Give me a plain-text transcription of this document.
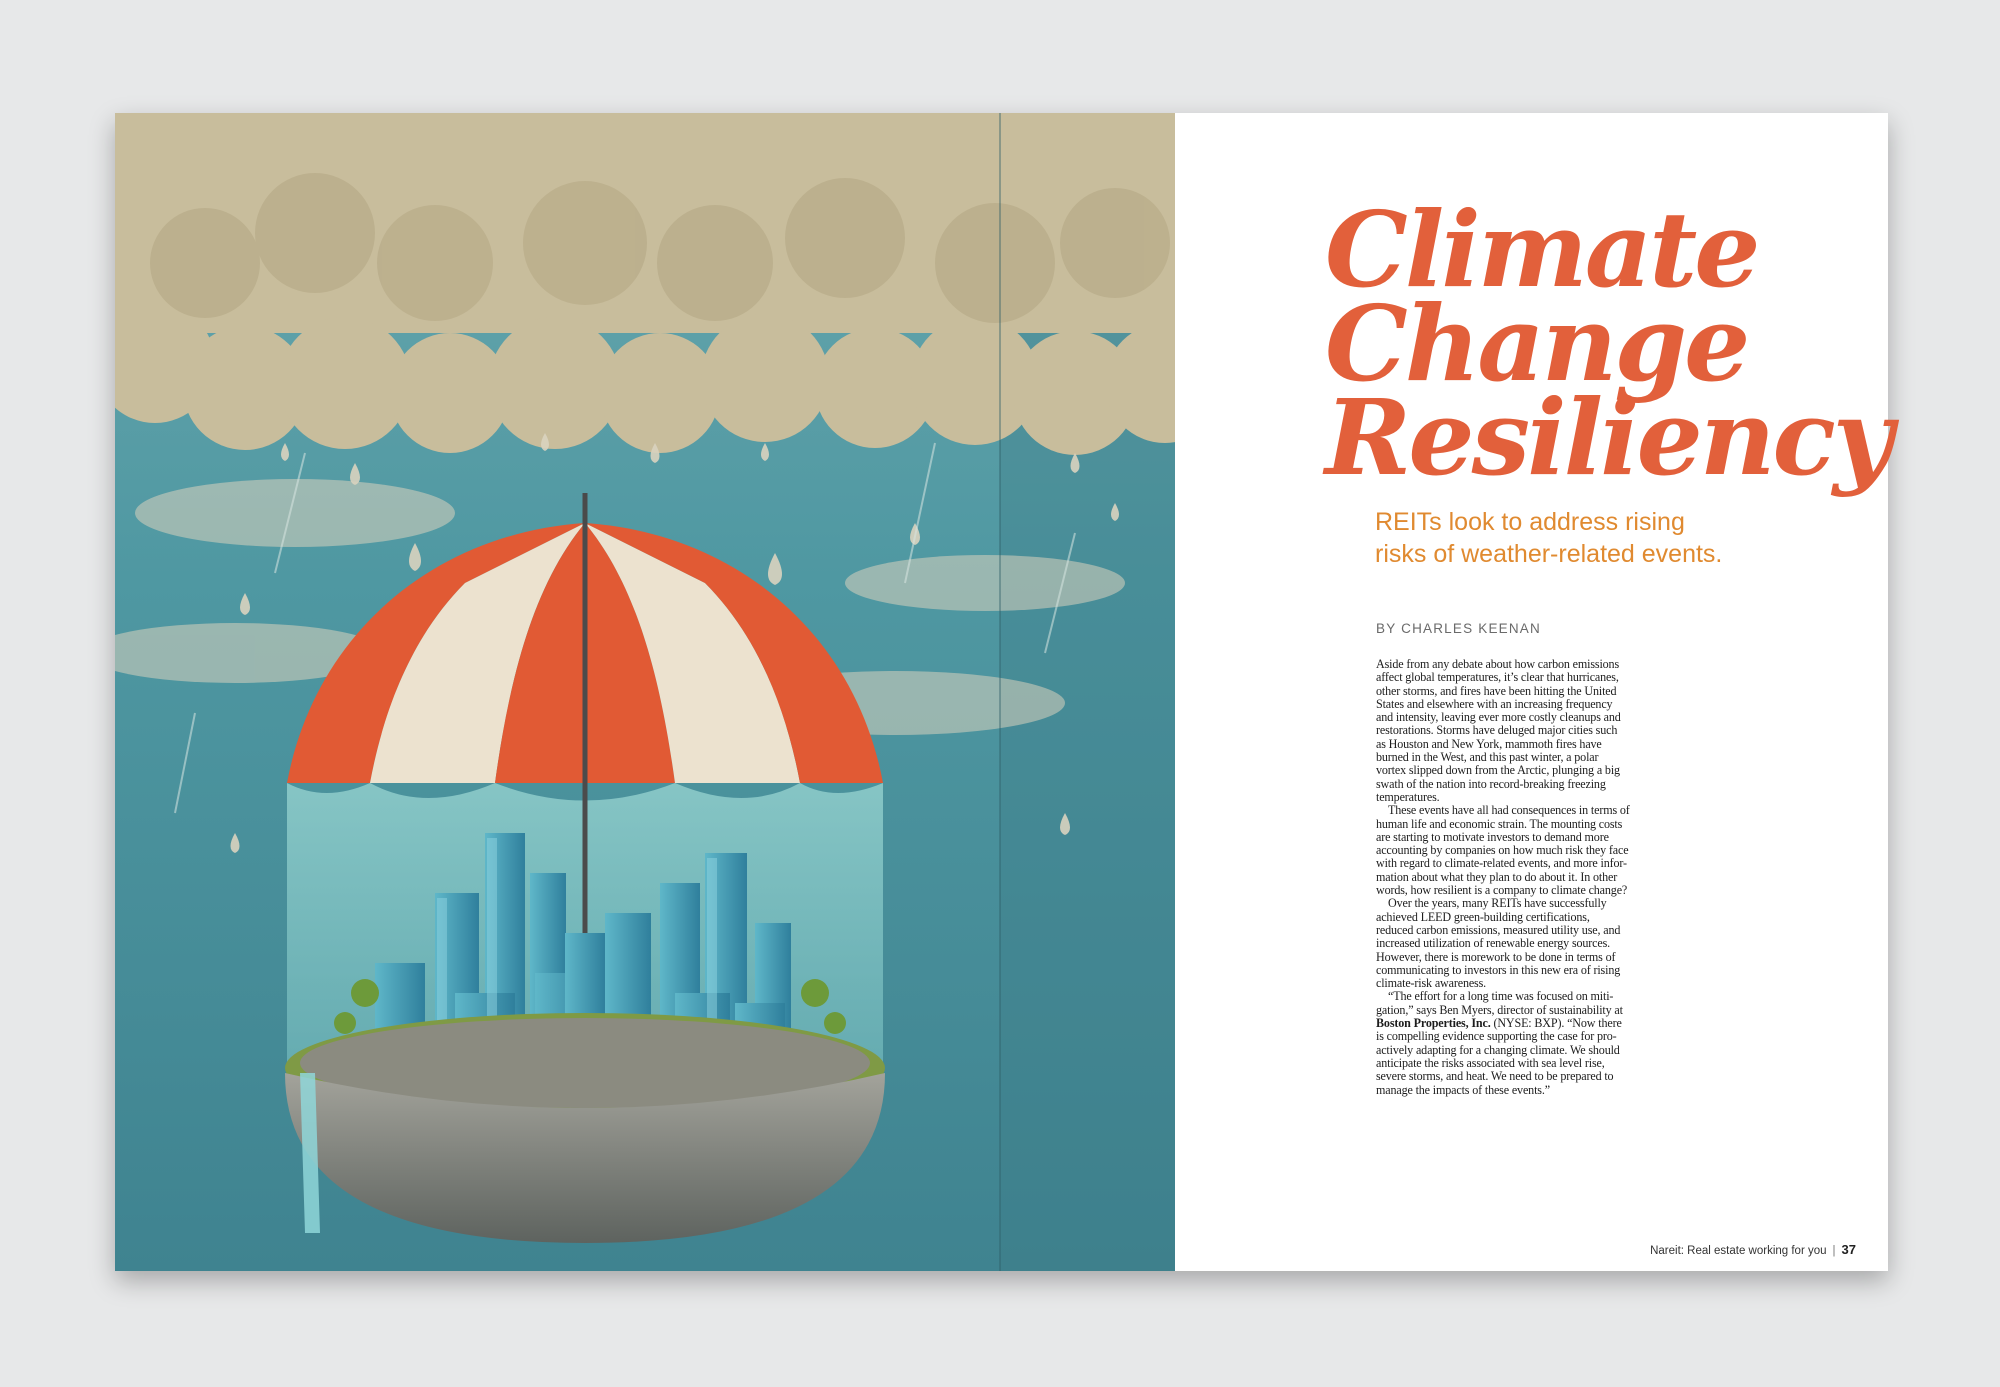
Climate
Change
Resiliency
REITs look to address rising
risks of weather-related events.
BY CHARLES KEENAN

Aside from any debate about how carbon emissions

affect global temperatures, it’s clear that hurricanes,

other storms, and fires have been hitting the United

States and elsewhere with an increasing frequency

and intensity, leaving ever more costly cleanups and

restorations. Storms have deluged major cities such

as Houston and New York, mammoth fires have

burned in the West, and this past winter, a polar

vortex slipped down from the Arctic, plunging a big

swath of the nation into record-breaking freezing

temperatures.

These events have all had consequences in terms of

human life and economic strain. The mounting costs

are starting to motivate investors to demand more

accounting by companies on how much risk they face

with regard to climate-related events, and more infor-

mation about what they plan to do about it. In other

words, how resilient is a company to climate change?

Over the years, many REITs have successfully

achieved LEED green-building certifications,

reduced carbon emissions, measured utility use, and

increased utilization of renewable energy sources.

However, there is morework to be done in terms of

communicating to investors in this new era of rising

climate-risk awareness.

“The effort for a long time was focused on miti-

gation,” says Ben Myers, director of sustainability at

Boston Properties, Inc. (NYSE: BXP). “Now there

is compelling evidence supporting the case for pro-

actively adapting for a changing climate. We should

anticipate the risks associated with sea level rise,

severe storms, and heat. We need to be prepared to

manage the impacts of these events.”

Nareit: Real estate working for you | 37
